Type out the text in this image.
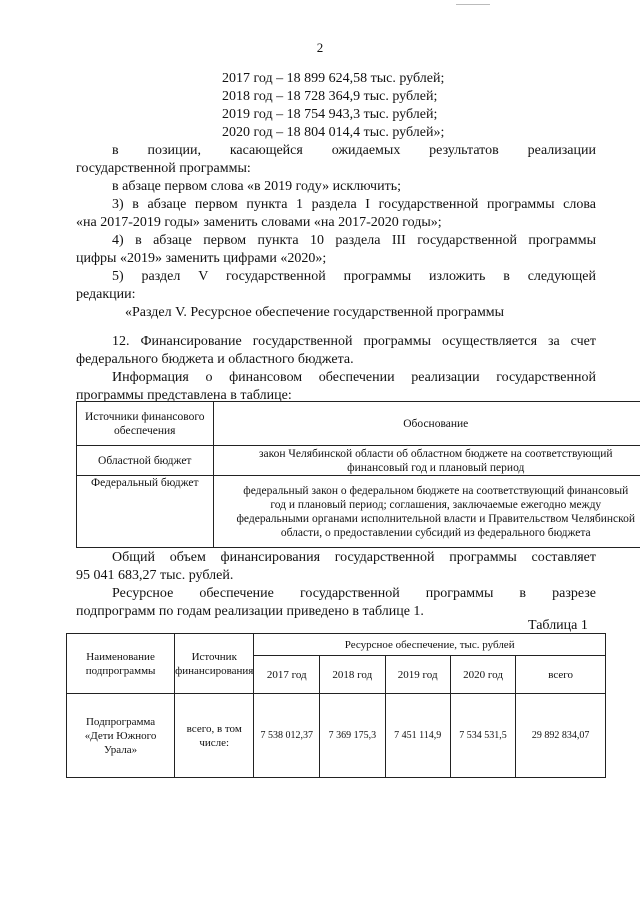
2
2017 год – 18 899 624,58 тыс. рублей;
2018 год – 18 728 364,9 тыс. рублей;
2019 год – 18 754 943,3 тыс. рублей;
2020 год – 18 804 014,4 тыс. рублей»;
в позиции, касающейся ожидаемых результатов реализации
государственной программы:
в абзаце первом слова «в 2019 году» исключить;
3) в абзаце первом пункта 1 раздела I государственной программы слова
«на 2017-2019 годы» заменить словами «на 2017-2020 годы»;
4) в абзаце первом пункта 10 раздела III государственной программы
цифры «2019» заменить цифрами «2020»;
5) раздел V государственной программы изложить в следующей
редакции:
«Раздел V. Ресурсное обеспечение государственной программы
12. Финансирование государственной программы осуществляется за счет
федерального бюджета и областного бюджета.
Информация о финансовом обеспечении реализации государственной
программы представлена в таблице:
Источники финансового обеспечения	Обоснование
Областной бюджет	закон Челябинской области об областном бюджете на соответствующий финансовый год и плановый период
Федеральный бюджет	федеральный закон о федеральном бюджете на соответствующий финансовый год и плановый период; соглашения, заключаемые ежегодно между федеральными органами исполнительной власти и Правительством Челябинской области, о предоставлении субсидий из федерального бюджета
Общий объем финансирования государственной программы составляет
95 041 683,27 тыс. рублей.
Ресурсное обеспечение государственной программы в разрезе
подпрограмм по годам реализации приведено в таблице 1.
Таблица 1
Наименование подпрограммы	Источник финансирования	Ресурсное обеспечение, тыс. рублей				
		2017 год	2018 год	2019 год	2020 год	всего
Подпрограмма «Дети Южного Урала»	всего, в том числе:	7 538 012,37	7 369 175,3	7 451 114,9	7 534 531,5	29 892 834,07
